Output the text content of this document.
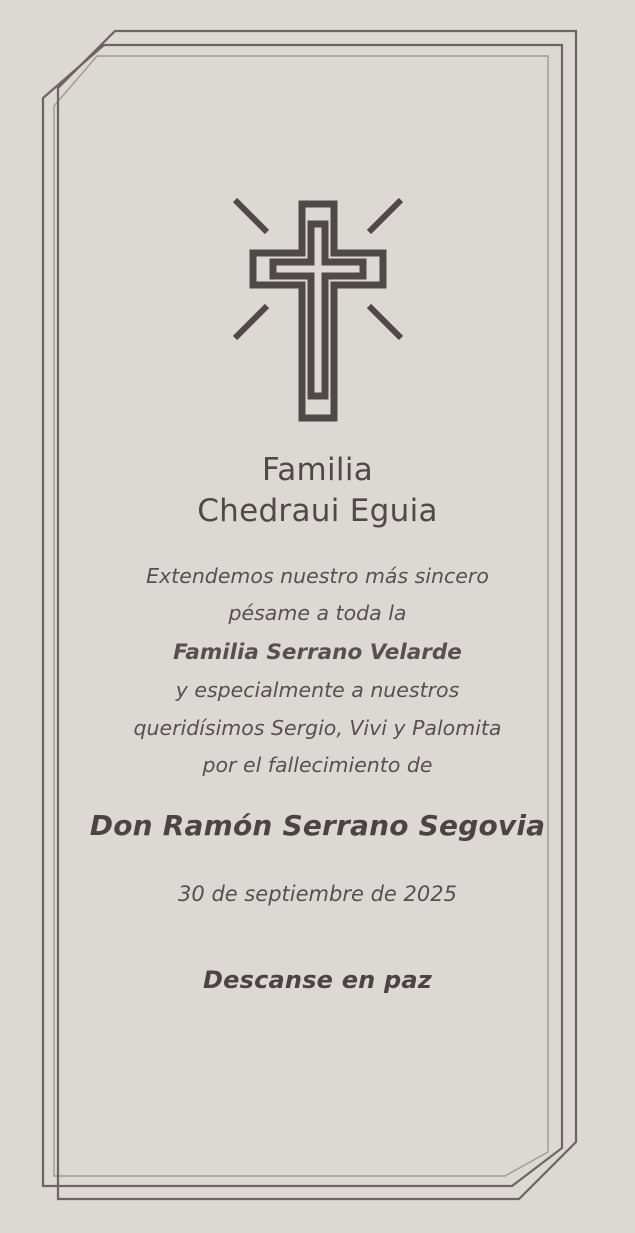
Familia
Chedraui Eguia
Extendemos nuestro más sincero
pésame a toda la
Familia Serrano Velarde
y especialmente a nuestros
queridísimos Sergio, Vivi y Palomita
por el fallecimiento de
Don Ramón Serrano Segovia
30 de septiembre de 2025
Descanse en paz
